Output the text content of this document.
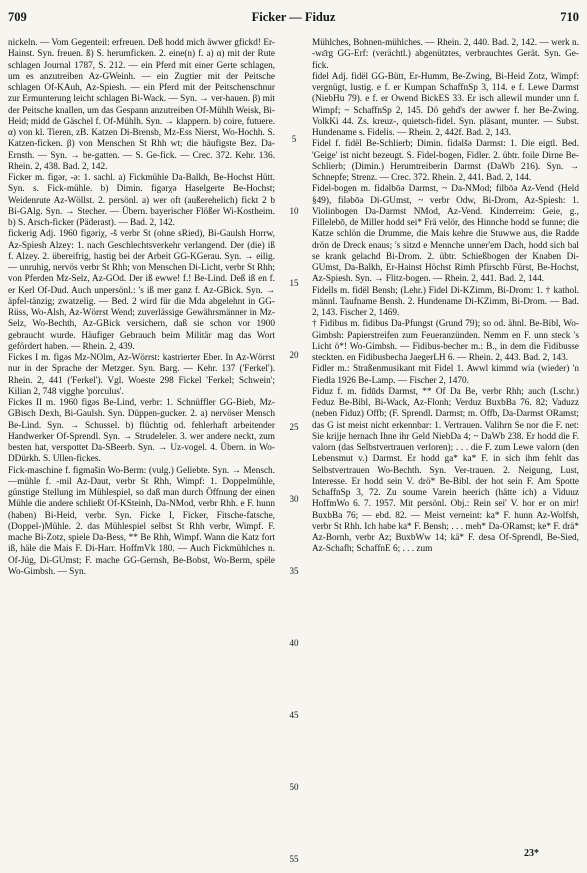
709	Ficker — Fiduz	710

nickeln. — Vom Gegenteil: erfreuen. Deß hodd mich äwwer gfickd! Er-Hainst. Syn. freuen. ß) S. herumficken. 2. eine(n) f. a) α) mit der Rute schlagen Journal 1787, S. 212. — ein Pferd mit einer Gerte schlagen, um es anzutreiben Az-GWeinh. — ein Zugtier mit der Peitsche schlagen Of-KAuh, Az-Spiesh. — ein Pferd mit der Peitschenschnur zur Ermunterung leicht schlagen Bi-Wack. — Syn. → ver-hauen. β) mit der Peitsche knallen, um das Gespann anzutreiben Of-Mühlh Weisk, Bi-Heid; midd de Gäschel f. Of-Mühlh. Syn. → klappern. b) coire, futuere. α) von kl. Tieren, zB. Katzen Di-Brensb, Mz-Ess Nierst, Wo-Hochh. S. Katzen-ficken. β) von Menschen St Rhh wt; die häufigste Bez. Da-Ernsth. — Syn. → be-gatten. — S. Ge-fick. — Crec. 372. Kehr. 136. Rhein. 2, 438. Bad. 2, 142.

Ficker m. figər, -ə: 1. sachl. a) Fickmühle Da-Balkh, Be-Hochst Hütt. Syn. s. Fick-mühle. b) Dimin. figərχə Haselgerte Be-Hochst; Weidenrute Az-Wöllst. 2. persönl. a) wer oft (außerehelich) fickt 2 b Bi-GAlg. Syn. → Stecher. — Übern. bayerischer Flößer Wi-Kostheim. b) S. Arsch-ficker (Päderast). — Bad. 2, 142.

fickerig Adj. 1960 figəriχ, -š verbr St (ohne sRied), Bi-Gaulsh Horrw, Az-Spiesh Alzey: 1. nach Geschlechtsverkehr verlangend. Der (die) iß f. Alzey. 2. übereifrig, hastig bei der Arbeit GG-KGerau. Syn. → eilig. — unruhig, nervös verbr St Rhh; von Menschen Di-Licht, verbr St Rhh; von Pferden Mz-Selz, Az-GOd. Der iß ewwe! f.! Be-Lind. Deß iß en f. er Kerl Of-Dud. Auch unpersönl.: 's iß mer ganz f. Az-GBick. Syn. → äpfel-tänzig; zwatzelig. — Bed. 2 wird für die Mda abgelehnt in GG-Rüss, Wo-Alsh, Az-Wörrst Wend; zuverlässige Gewährsmänner in Mz-Selz, Wo-Bechth, Az-GBick versichern, daß sie schon vor 1900 gebraucht wurde. Häufiger Gebrauch beim Militär mag das Wort gefördert haben. — Rhein. 2, 439.

Fickes I m. figəs Mz-NOlm, Az-Wörrst: kastrierter Eber. In Az-Wörrst nur in der Sprache der Metzger. Syn. Barg. — Kehr. 137 ('Ferkel'). Rhein. 2, 441 ('Ferkel'). Vgl. Woeste 298 Fickel 'Ferkel; Schwein'; Kilian 2, 748 vigghe 'porculus'.

Fickes II m. 1960 figəs Be-Lind, verbr: 1. Schnüffler GG-Bieb, Mz-GBisch Dexh, Bi-Gaulsh. Syn. Düppen-gucker. 2. a) nervöser Mensch Be-Lind. Syn. → Schussel. b) flüchtig od. fehlerhaft arbeitender Handwerker Of-Sprendl. Syn. → Strudeleler. 3. wer andere neckt, zum besten hat, verspottet Da-SBeerb. Syn. → Uz-vogel. 4. Übern. in Wo-DDürkh. S. Ullen-fickes.

Fick-maschine f. figmašin Wo-Berm: (vulg.) Geliebte. Syn. → Mensch. —mühle f. -mil Az-Daut, verbr St Rhh, Wimpf: 1. Doppelmühle, günstige Stellung im Mühlespiel, so daß man durch Öffnung der einen Mühle die andere schließt Of-KSteinh, Da-NMod, verbr Rhh. e F. hunn (haben) Bi-Heid, verbr. Syn. Ficke I, Ficker, Fitsche-fatsche, (Doppel-)Mühle. 2. das Mühlespiel selbst St Rhh verbr, Wimpf. F. mache Bi-Zotz, spiele Da-Bess, ** Be Rhh, Wimpf. Wann die Katz fort iß, häle die Mais F. Di-Harr. HoffmVk 180. — Auch Fickmühlches n. Of-Jüg, Di-GUmst; F. mache GG-Gernsh, Be-Bobst, Wo-Berm, spële Wo-Gimbsh. — Syn.

5
10
15
20
25
30
35
40
45
50
55

Mühlches, Bohnen-mühlches. — Rhein. 2, 440. Bad. 2, 142. — werk n. -wɛ̄rg GG-Erf: (verächtl.) abgenütztes, verbrauchtes Gerät. Syn. Ge-fick.

fidel Adj. fidël GG-Bütt, Er-Humm, Be-Zwing, Bi-Heid Zotz, Wimpf: vergnügt, lustig. e f. er Kumpan SchaffnSp 3, 114. e f. Lewe Darmst (NiebHu 79). e f. er Owend BickES 33. Er isch allewil munder unn f. Wimpf; ~ SchaffnSp 2, 145. Dö gehd's der awwer f. her Be-Zwing. VolkKi 44. Zs. kreuz-, quietsch-fidel. Syn. pläsant, munter. — Subst. Hundename s. Fidelis. — Rhein. 2, 442f. Bad. 2, 143.

Fidel f. fidël Be-Schlierb; Dimin. fidəlšə Darmst: 1. Die eigtl. Bed. 'Geige' ist nicht bezeugt. S. Fidel-bogen, Fidler. 2. übtr. foile Dirne Be-Schlierb; (Dimin.) Herumtreiberin Darmst (DaWb 216). Syn. → Schnepfe; Strenz. — Crec. 372. Rhein. 2, 441. Bad. 2, 144.

Fidel-bogen m. fidəlbōə Darmst, ~ Da-NMod; filbōə Az-Vend (Held §49), filəbōə Di-GUmst, ~ verbr Odw, Bi-Drom, Az-Spiesh: 1. Violinbogen Da-Darmst NMod, Az-Vend. Kinderreim: Geie, g., Fillelebō, de Miller hodd sei* Frä velör, des Hinnche hodd se funne; die Katze schlön die Drumme, die Mais kehre die Stuwwe aus, die Radde drön de Dreck enaus; 's sitzd e Mennche unner'em Dach, hodd sich bal se krank gelachd Bi-Drom. 2. übtr. Schießbogen der Knaben Di-GUmst, Da-Balkh, Er-Hainst Höchst Rimh Pfirschb Fürst, Be-Hochst, Az-Spiesh. Syn. → Flitz-bogen. — Rhein. 2, 441. Bad. 2, 144.

Fidells m. fidël Bensh; (Lehr.) Fidel Di-KZimm, Bi-Drom: 1. † kathol. männl. Taufname Bensh. 2. Hundename Di-KZimm, Bi-Drom. — Bad. 2, 143. Fischer 2, 1469.

† Fidibus m. fidibus Da-Pfungst (Grund 79); so od. ähnl. Be-Bibl, Wo-Gimbsh: Papierstreifen zum Feueranzünden. Nemm en F. unn steck 's Licht ö*! Wo-Gimbsh. — Fidibus-becher m.: B., in dem die Fidibusse steckten. en Fidibusbecha JaegerLH 6. — Rhein. 2, 443. Bad. 2, 143.

Fidler m.: Straßenmusikant mit Fidel 1. Awwl kimmd wia (wieder) 'n Fiedla 1926 Be-Lamp. — Fischer 2, 1470.

Fiduz f. m. fidūds Darmst, ** Of Da Be, verbr Rhh; auch (Lschr.) Feduz Be-Bibl, Bi-Wack, Az-Flonh; Verduz BuxbBa 76. 82; Vaduzz (neben Fiduz) Offb; (F. Sprendl. Darmst; m. Offb, Da-Darmst ORamst; das G ist meist nicht erkennbar: 1. Vertrauen. Valihrn Se nor die F. net: Sie krijje hernach Ihne ihr Geld NiebDa 4; ~ DaWb 238. Er hodd die F. valorn (das Selbstvertrauen verloren); . . . die F. zum Lewe valorn (den Lebensmut v.) Darmst. Er hodd ga* ka* F. in sich ihm fehlt das Selbstvertrauen Wo-Bechth. Syn. Ver-trauen. 2. Neigung, Lust, Interesse. Er hodd sein V. drö* Be-Bibl. der hot sein F. Am Spotte SchaffnSp 3, 72. Zu soume Varein heerich (hätte ich) a Viduuz HoffmWo 6. 7. 1957. Mit persönl. Obj.: Rein sei' V. hor er on mir! BuxbBa 76; — ebd. 82. — Meist verneint: ka* F. hunn Az-Wolfsh, verbr St Rhh. Ich habe ka* F. Bensh; . . . meh* Da-ORamst; ke* F. drä* Az-Bornh, verbr Az; BuxbWw 14; kä* F. desa Of-Sprendl, Be-Sied, Az-Schafh; SchaffnE 6; . . . zum

23*
